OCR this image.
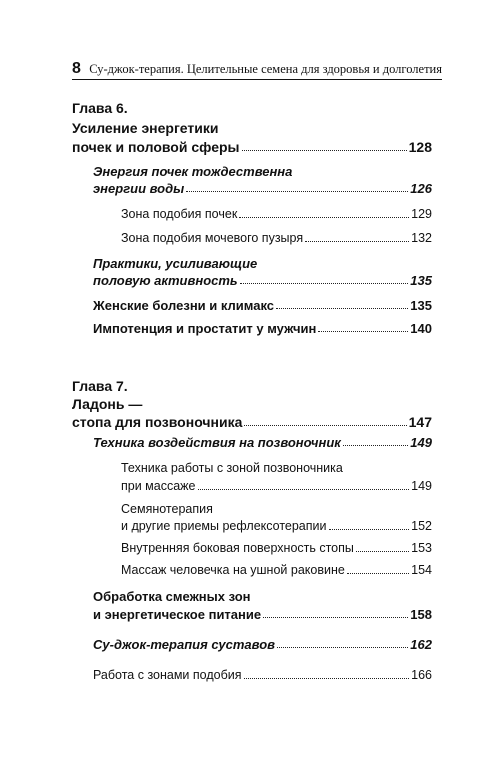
8 Су-джок-терапия. Целительные семена для здоровья и долголетия
Глава 6.
Усиление энергетики
почек и половой сферы	128
Энергия почек тождественна
энергии воды	126
Зона подобия почек	129
Зона подобия мочевого пузыря	132
Практики, усиливающие
половую активность	135
Женские болезни и климакс	135
Импотенция и простатит у мужчин	140
Глава 7.
Ладонь —
стопа для позвоночника	147
Техника воздействия на позвоночник	149
Техника работы с зоной позвоночника
при массаже	149
Семянотерапия
и другие приемы рефлексотерапии	152
Внутренняя боковая поверхность стопы	153
Массаж человечка на ушной раковине	154
Обработка смежных зон
и энергетическое питание	158
Су-джок-терапия суставов	162
Работа с зонами подобия	166
